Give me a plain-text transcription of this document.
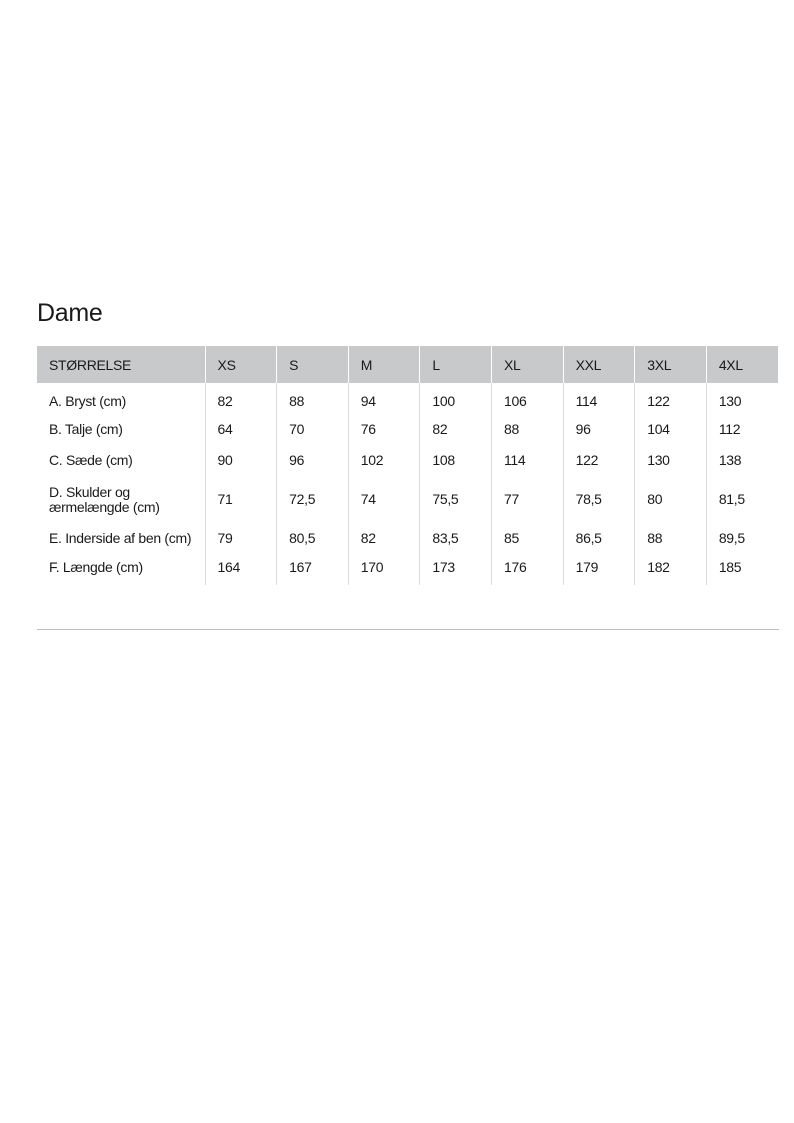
Dame
STØRRELSE	XS	S	M	L	XL	XXL	3XL	4XL
A. Bryst (cm)	82	88	94	100	106	114	122	130
B. Talje (cm)	64	70	76	82	88	96	104	112
C. Sæde (cm)	90	96	102	108	114	122	130	138
D. Skulder og
ærmelængde (cm)	71	72,5	74	75,5	77	78,5	80	81,5
E. Inderside af ben (cm)	79	80,5	82	83,5	85	86,5	88	89,5
F. Længde (cm)	164	167	170	173	176	179	182	185
